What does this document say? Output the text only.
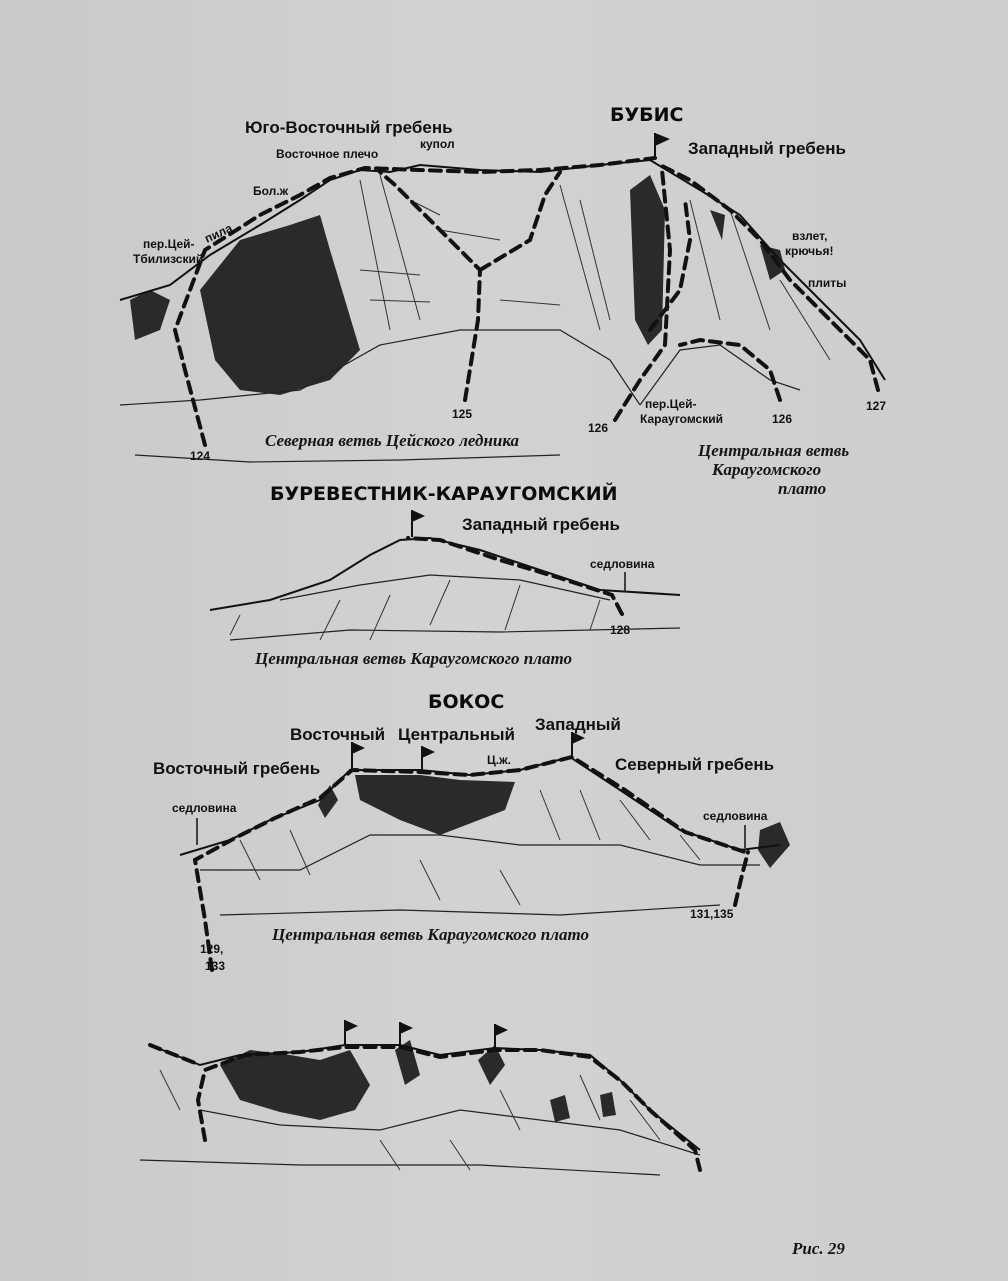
БУБИС
Юго-Восточный гребень
Западный гребень
Восточное плечо
купол
Бол.ж
пила
пер.Цей-
Тбилизский
взлет,
крючья!
плиты
пер.Цей-
Карaугомский
Северная ветвь Цейского ледника
Центральная ветвь
Карaугомского
плато
124
125
126
126
127
БУРЕВЕСТНИК-КАРАУГОМСКИЙ
Западный гребень
седловина
128
Центральная ветвь Карaугомского плато
БОКОС
Восточный Центральный
Западный
Восточный гребень	Северный гребень
Ц.ж.
седловина
седловина
129,
133
131,135
Центральная ветвь Карaугомского плато
Рис. 29
